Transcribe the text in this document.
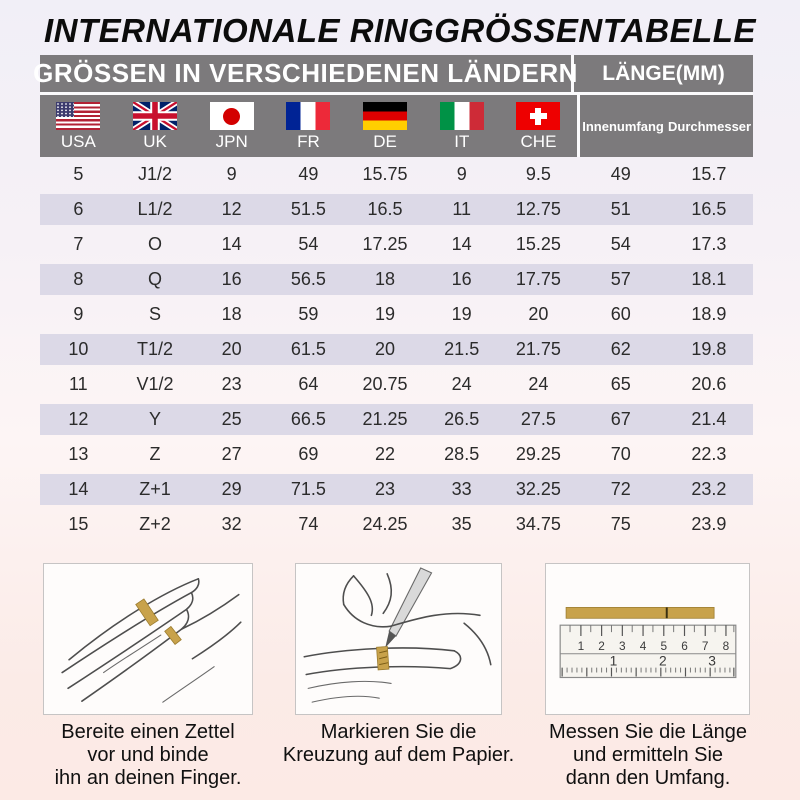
INTERNATIONALE RINGGRÖSSENTABELLE
GRÖSSEN IN VERSCHIEDENEN LÄNDERN	LÄNGE(MM)
USA	UK	JPN	FR	DE	IT	CHE
Innenumfang Durchmesser
5	J1/2	9	49	15.75	9	9.5	49	15.7
6	L1/2	12	51.5	16.5	11	12.75	51	16.5
7	O	14	54	17.25	14	15.25	54	17.3
8	Q	16	56.5	18	16	17.75	57	18.1
9	S	18	59	19	19	20	60	18.9
10	T1/2	20	61.5	20	21.5	21.75	62	19.8
11	V1/2	23	64	20.75	24	24	65	20.6
12	Y	25	66.5	21.25	26.5	27.5	67	21.4
13	Z	27	69	22	28.5	29.25	70	22.3
14	Z+1	29	71.5	23	33	32.25	72	23.2
15	Z+2	32	74	24.25	35	34.75	75	23.9
1 2 3 4 5 6 7 8
1	2	3
Bereite einen Zettel
vor und binde
ihn an deinen Finger.
Markieren Sie die
Kreuzung auf dem Papier.
Messen Sie die Länge
und ermitteln Sie
dann den Umfang.
